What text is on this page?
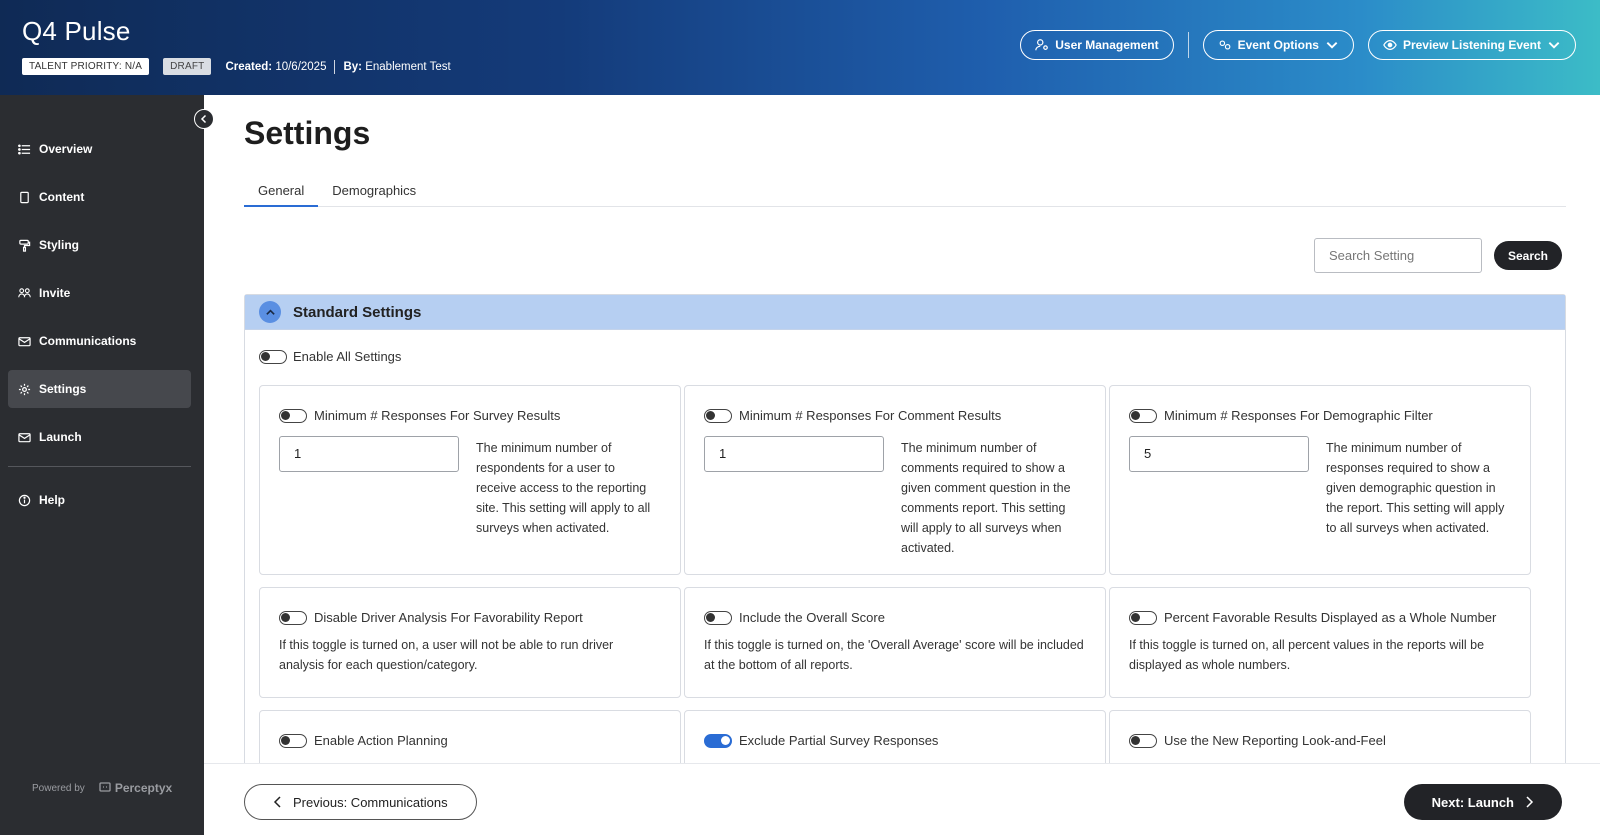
Q4 Pulse
TALENT PRIORITY: N/A	DRAFT	Created: 10/6/2025 By: Enablement Test
User Management	Event Options	Preview Listening Event
Overview
Content
Styling
Invite
Communications
Settings
Launch
Help
Powered by	Perceptyx
Settings
General	Demographics
Search Setting
Search
Standard Settings
Enable All Settings
Minimum # Responses For Survey Results
1	The minimum number of respondents for a user to receive access to the reporting site. This setting will apply to all surveys when activated.
Minimum # Responses For Comment Results
1	The minimum number of comments required to show a given comment question in the comments report. This setting will apply to all surveys when activated.
Minimum # Responses For Demographic Filter
5	The minimum number of responses required to show a given demographic question in the report. This setting will apply to all surveys when activated.
Disable Driver Analysis For Favorability Report
If this toggle is turned on, a user will not be able to run driver analysis for each question/category.
Include the Overall Score
If this toggle is turned on, the 'Overall Average' score will be included at the bottom of all reports.
Percent Favorable Results Displayed as a Whole Number
If this toggle is turned on, all percent values in the reports will be displayed as whole numbers.
Enable Action Planning	Exclude Partial Survey Responses	Use the New Reporting Look-and-Feel
Previous: Communications	Next: Launch
